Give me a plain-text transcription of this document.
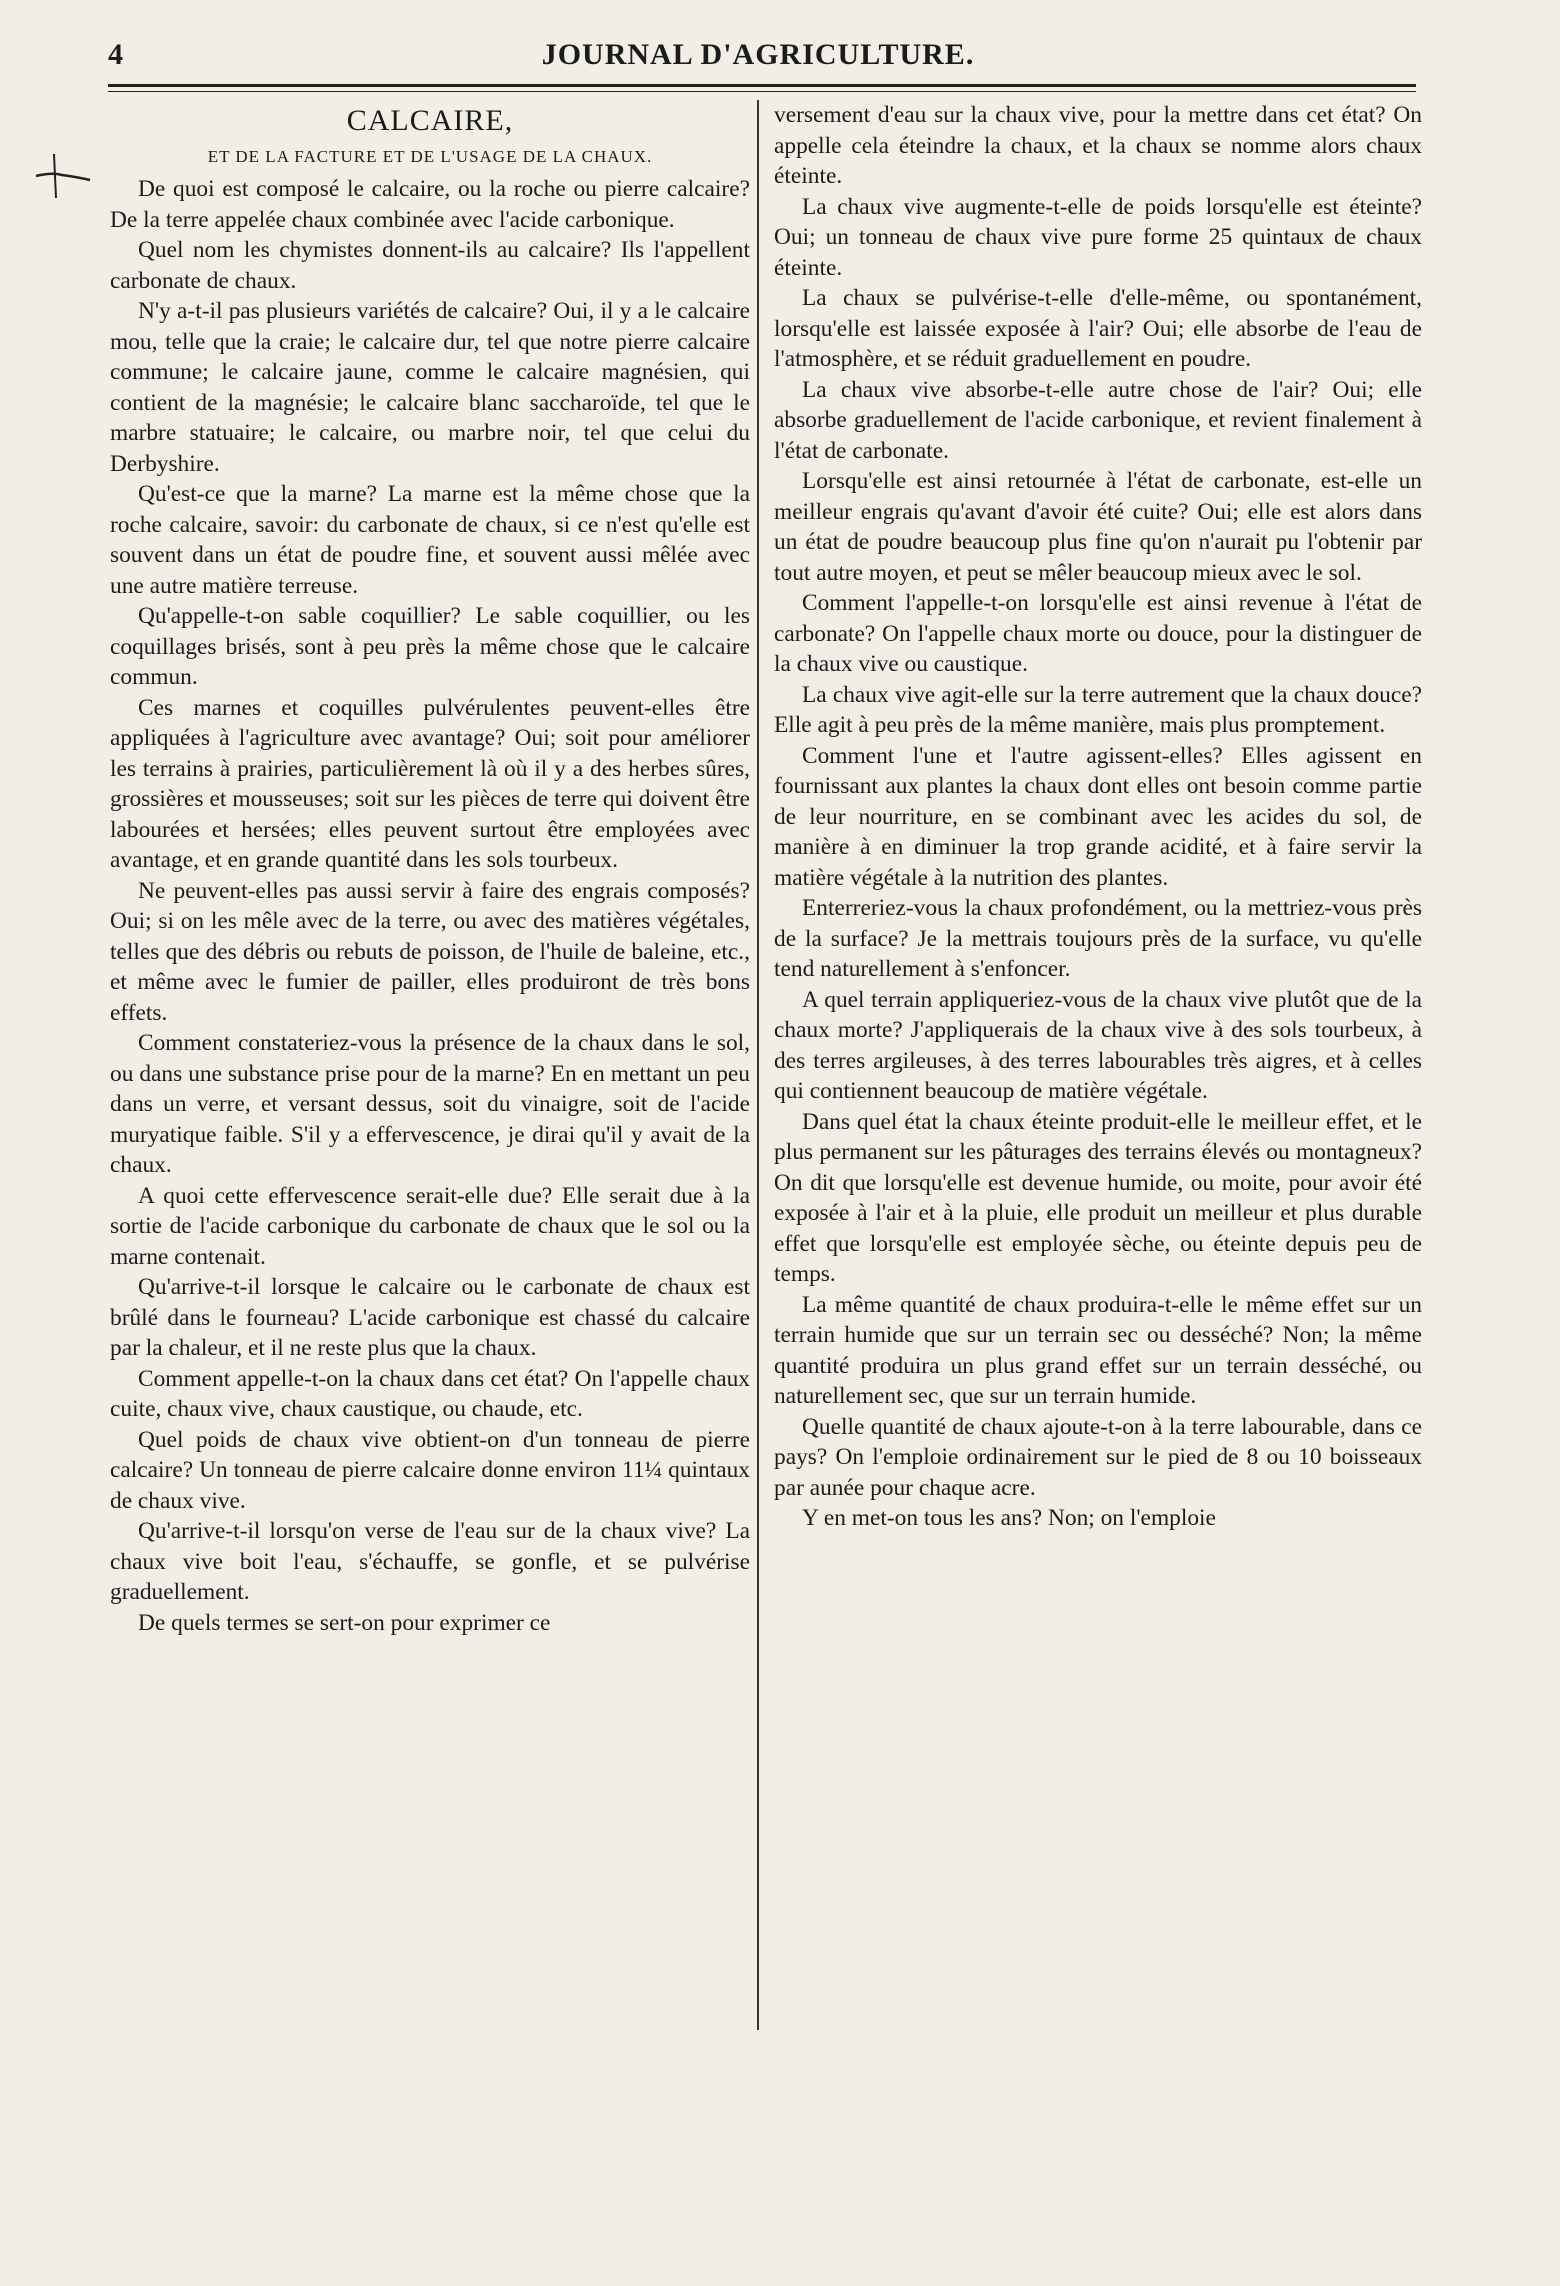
4	JOURNAL D'AGRICULTURE.
CALCAIRE,
ET DE LA FACTURE ET DE L'USAGE DE LA CHAUX.

De quoi est composé le calcaire, ou la roche ou pierre calcaire? De la terre appelée chaux combinée avec l'acide carbonique.

Quel nom les chymistes donnent-ils au calcaire? Ils l'appellent carbonate de chaux.

N'y a-t-il pas plusieurs variétés de calcaire? Oui, il y a le calcaire mou, telle que la craie; le calcaire dur, tel que notre pierre calcaire commune; le calcaire jaune, comme le calcaire magnésien, qui contient de la magnésie; le calcaire blanc saccharoïde, tel que le marbre statuaire; le calcaire, ou marbre noir, tel que celui du Derbyshire.

Qu'est-ce que la marne? La marne est la même chose que la roche calcaire, savoir: du carbonate de chaux, si ce n'est qu'elle est souvent dans un état de poudre fine, et souvent aussi mêlée avec une autre matière terreuse.

Qu'appelle-t-on sable coquillier? Le sable coquillier, ou les coquillages brisés, sont à peu près la même chose que le calcaire commun.

Ces marnes et coquilles pulvérulentes peuvent-elles être appliquées à l'agriculture avec avantage? Oui; soit pour améliorer les terrains à prairies, particulièrement là où il y a des herbes sûres, grossières et mousseuses; soit sur les pièces de terre qui doivent être labourées et hersées; elles peuvent surtout être employées avec avantage, et en grande quantité dans les sols tourbeux.

Ne peuvent-elles pas aussi servir à faire des engrais composés? Oui; si on les mêle avec de la terre, ou avec des matières végétales, telles que des débris ou rebuts de poisson, de l'huile de baleine, etc., et même avec le fumier de pailler, elles produiront de très bons effets.

Comment constateriez-vous la présence de la chaux dans le sol, ou dans une substance prise pour de la marne? En en mettant un peu dans un verre, et versant dessus, soit du vinaigre, soit de l'acide muryatique faible. S'il y a effervescence, je dirai qu'il y avait de la chaux.

A quoi cette effervescence serait-elle due? Elle serait due à la sortie de l'acide carbonique du carbonate de chaux que le sol ou la marne contenait.

Qu'arrive-t-il lorsque le calcaire ou le carbonate de chaux est brûlé dans le fourneau? L'acide carbonique est chassé du calcaire par la chaleur, et il ne reste plus que la chaux.

Comment appelle-t-on la chaux dans cet état? On l'appelle chaux cuite, chaux vive, chaux caustique, ou chaude, etc.

Quel poids de chaux vive obtient-on d'un tonneau de pierre calcaire? Un tonneau de pierre calcaire donne environ 11¼ quintaux de chaux vive.

Qu'arrive-t-il lorsqu'on verse de l'eau sur de la chaux vive? La chaux vive boit l'eau, s'échauffe, se gonfle, et se pulvérise graduellement.

De quels termes se sert-on pour exprimer ce

versement d'eau sur la chaux vive, pour la mettre dans cet état? On appelle cela éteindre la chaux, et la chaux se nomme alors chaux éteinte.

La chaux vive augmente-t-elle de poids lorsqu'elle est éteinte? Oui; un tonneau de chaux vive pure forme 25 quintaux de chaux éteinte.

La chaux se pulvérise-t-elle d'elle-même, ou spontanément, lorsqu'elle est laissée exposée à l'air? Oui; elle absorbe de l'eau de l'atmosphère, et se réduit graduellement en poudre.

La chaux vive absorbe-t-elle autre chose de l'air? Oui; elle absorbe graduellement de l'acide carbonique, et revient finalement à l'état de carbonate.

Lorsqu'elle est ainsi retournée à l'état de carbonate, est-elle un meilleur engrais qu'avant d'avoir été cuite? Oui; elle est alors dans un état de poudre beaucoup plus fine qu'on n'aurait pu l'obtenir par tout autre moyen, et peut se mêler beaucoup mieux avec le sol.

Comment l'appelle-t-on lorsqu'elle est ainsi revenue à l'état de carbonate? On l'appelle chaux morte ou douce, pour la distinguer de la chaux vive ou caustique.

La chaux vive agit-elle sur la terre autrement que la chaux douce? Elle agit à peu près de la même manière, mais plus promptement.

Comment l'une et l'autre agissent-elles? Elles agissent en fournissant aux plantes la chaux dont elles ont besoin comme partie de leur nourriture, en se combinant avec les acides du sol, de manière à en diminuer la trop grande acidité, et à faire servir la matière végétale à la nutrition des plantes.

Enterreriez-vous la chaux profondément, ou la mettriez-vous près de la surface? Je la mettrais toujours près de la surface, vu qu'elle tend naturellement à s'enfoncer.

A quel terrain appliqueriez-vous de la chaux vive plutôt que de la chaux morte? J'appliquerais de la chaux vive à des sols tourbeux, à des terres argileuses, à des terres labourables très aigres, et à celles qui contiennent beaucoup de matière végétale.

Dans quel état la chaux éteinte produit-elle le meilleur effet, et le plus permanent sur les pâturages des terrains élevés ou montagneux? On dit que lorsqu'elle est devenue humide, ou moite, pour avoir été exposée à l'air et à la pluie, elle produit un meilleur et plus durable effet que lorsqu'elle est employée sèche, ou éteinte depuis peu de temps.

La même quantité de chaux produira-t-elle le même effet sur un terrain humide que sur un terrain sec ou desséché? Non; la même quantité produira un plus grand effet sur un terrain desséché, ou naturellement sec, que sur un terrain humide.

Quelle quantité de chaux ajoute-t-on à la terre labourable, dans ce pays? On l'emploie ordinairement sur le pied de 8 ou 10 boisseaux par aunée pour chaque acre.

Y en met-on tous les ans? Non; on l'emploie
